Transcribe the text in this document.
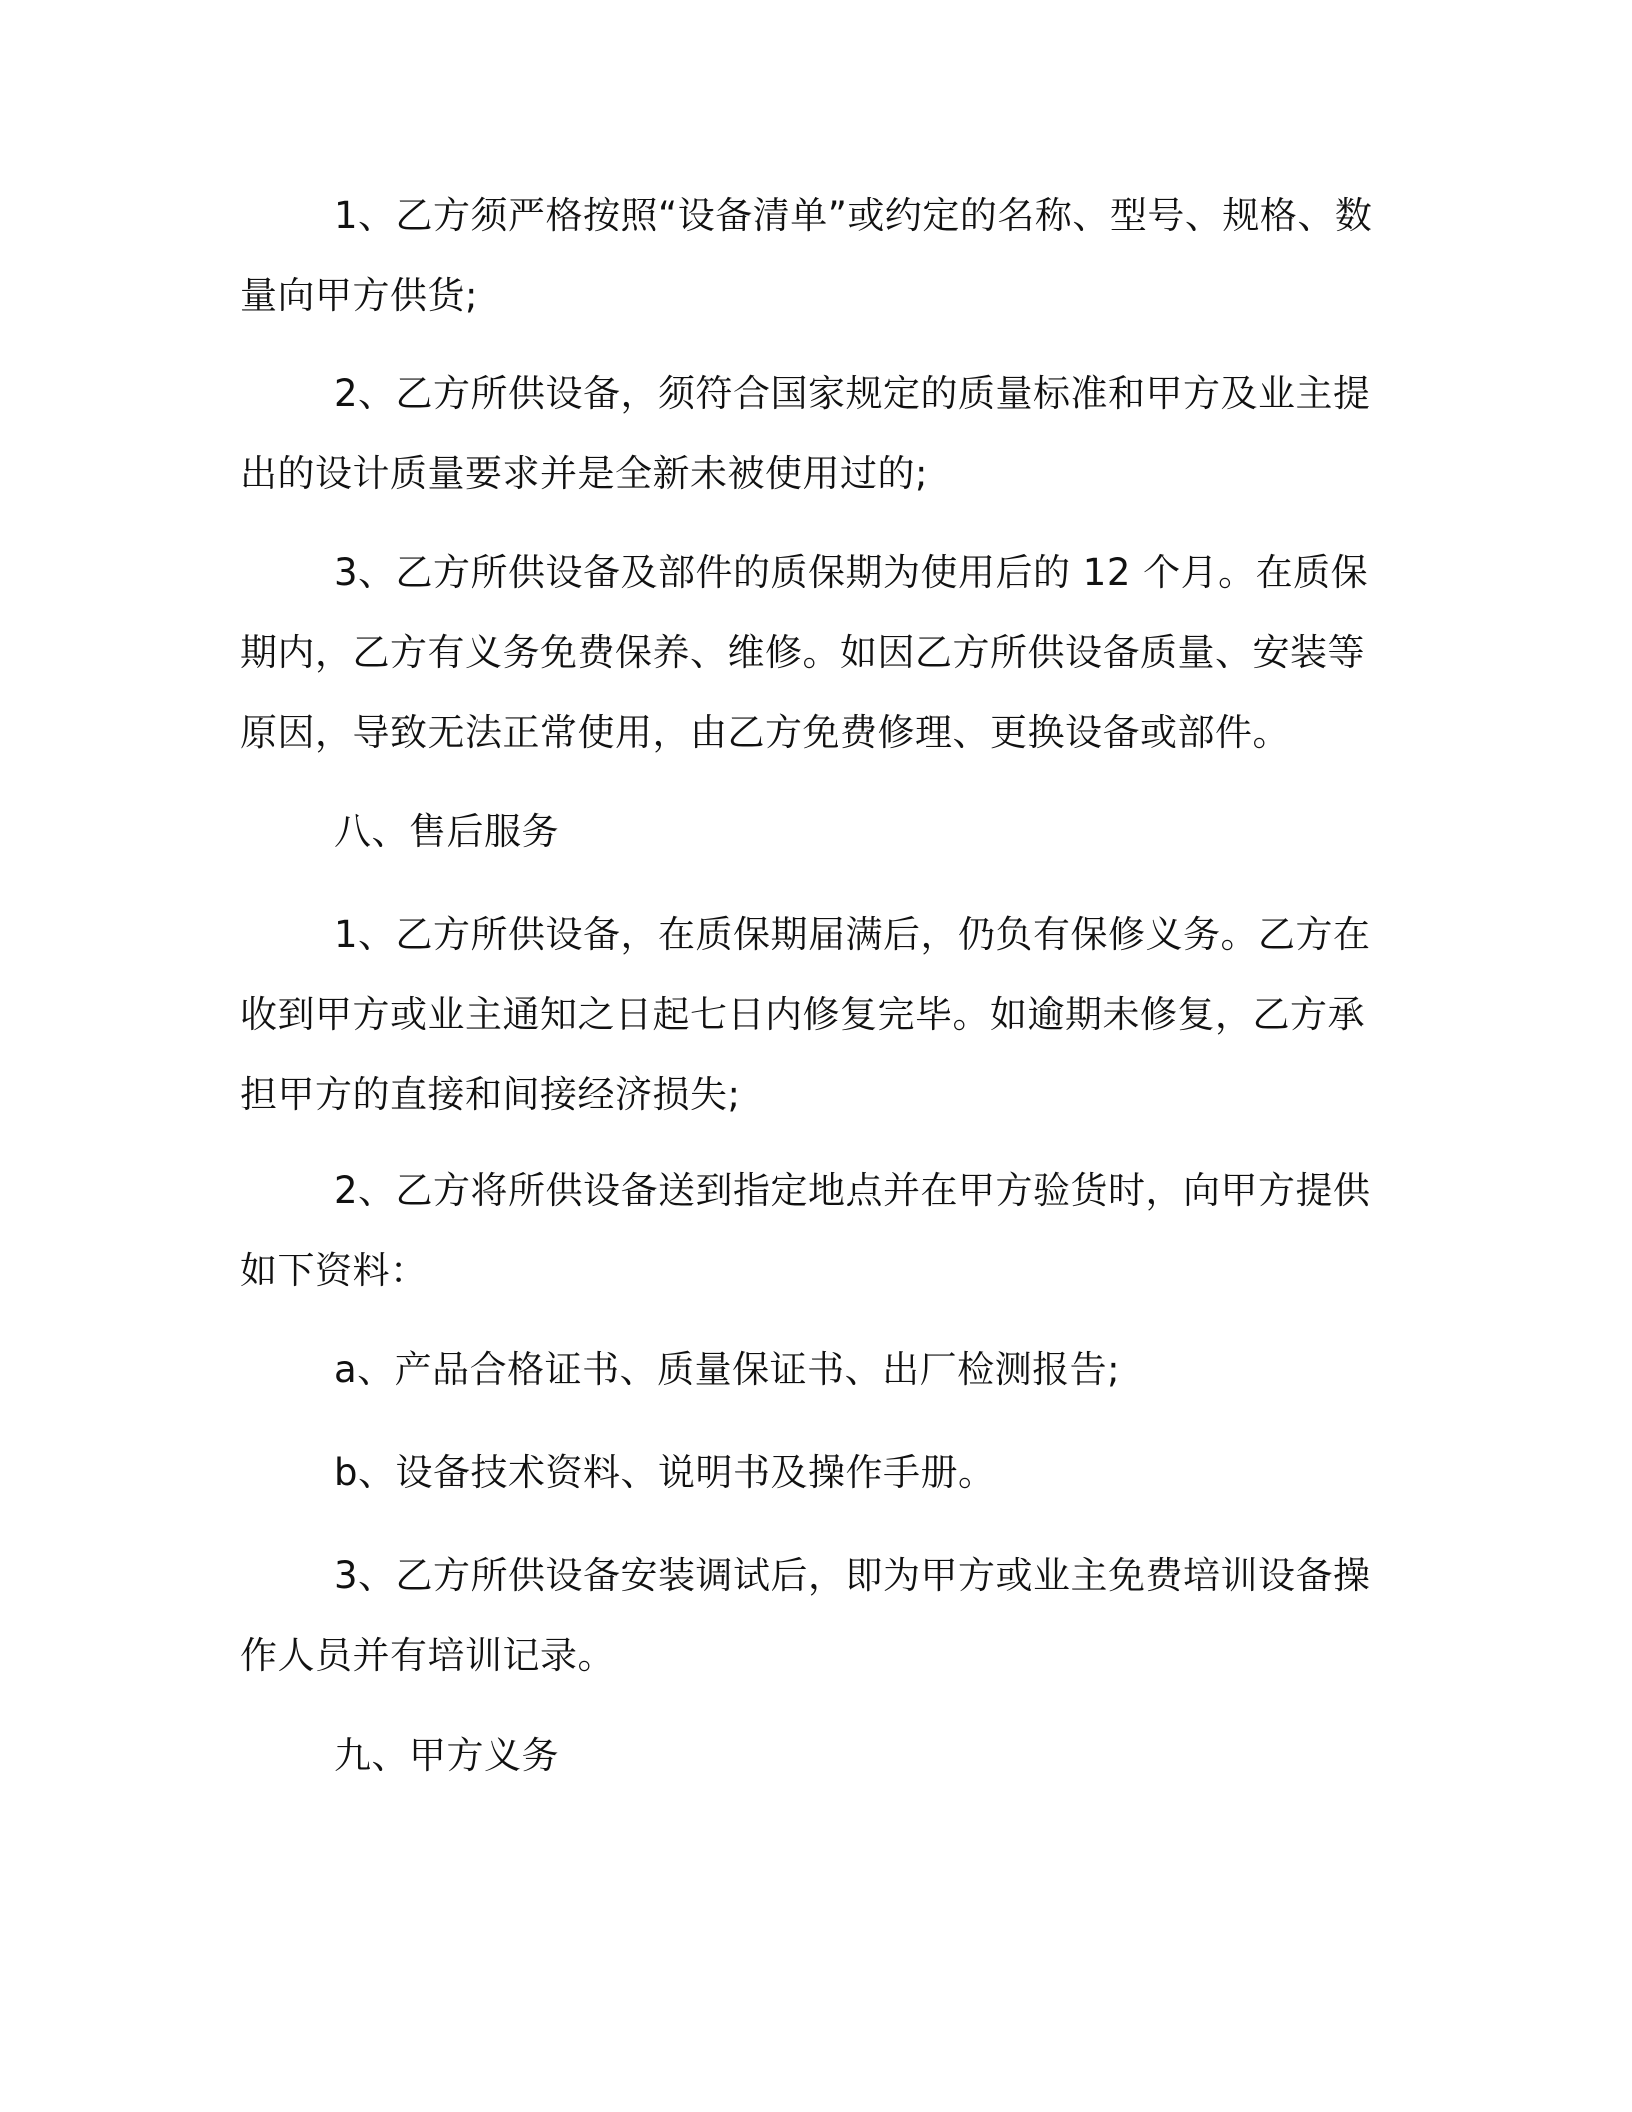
1、乙方须严格按照“设备清单”或约定的名称、型号、规格、数量向甲方供货;

2、乙方所供设备，须符合国家规定的质量标准和甲方及业主提出的设计质量要求并是全新未被使用过的;

3、乙方所供设备及部件的质保期为使用后的 12 个月。在质保期内，乙方有义务免费保养、维修。如因乙方所供设备质量、安装等原因，导致无法正常使用，由乙方免费修理、更换设备或部件。

八、售后服务

1、乙方所供设备，在质保期届满后，仍负有保修义务。乙方在收到甲方或业主通知之日起七日内修复完毕。如逾期未修复，乙方承担甲方的直接和间接经济损失;

2、乙方将所供设备送到指定地点并在甲方验货时，向甲方提供如下资料：

a、产品合格证书、质量保证书、出厂检测报告;

b、设备技术资料、说明书及操作手册。

3、乙方所供设备安装调试后，即为甲方或业主免费培训设备操作人员并有培训记录。

九、甲方义务
